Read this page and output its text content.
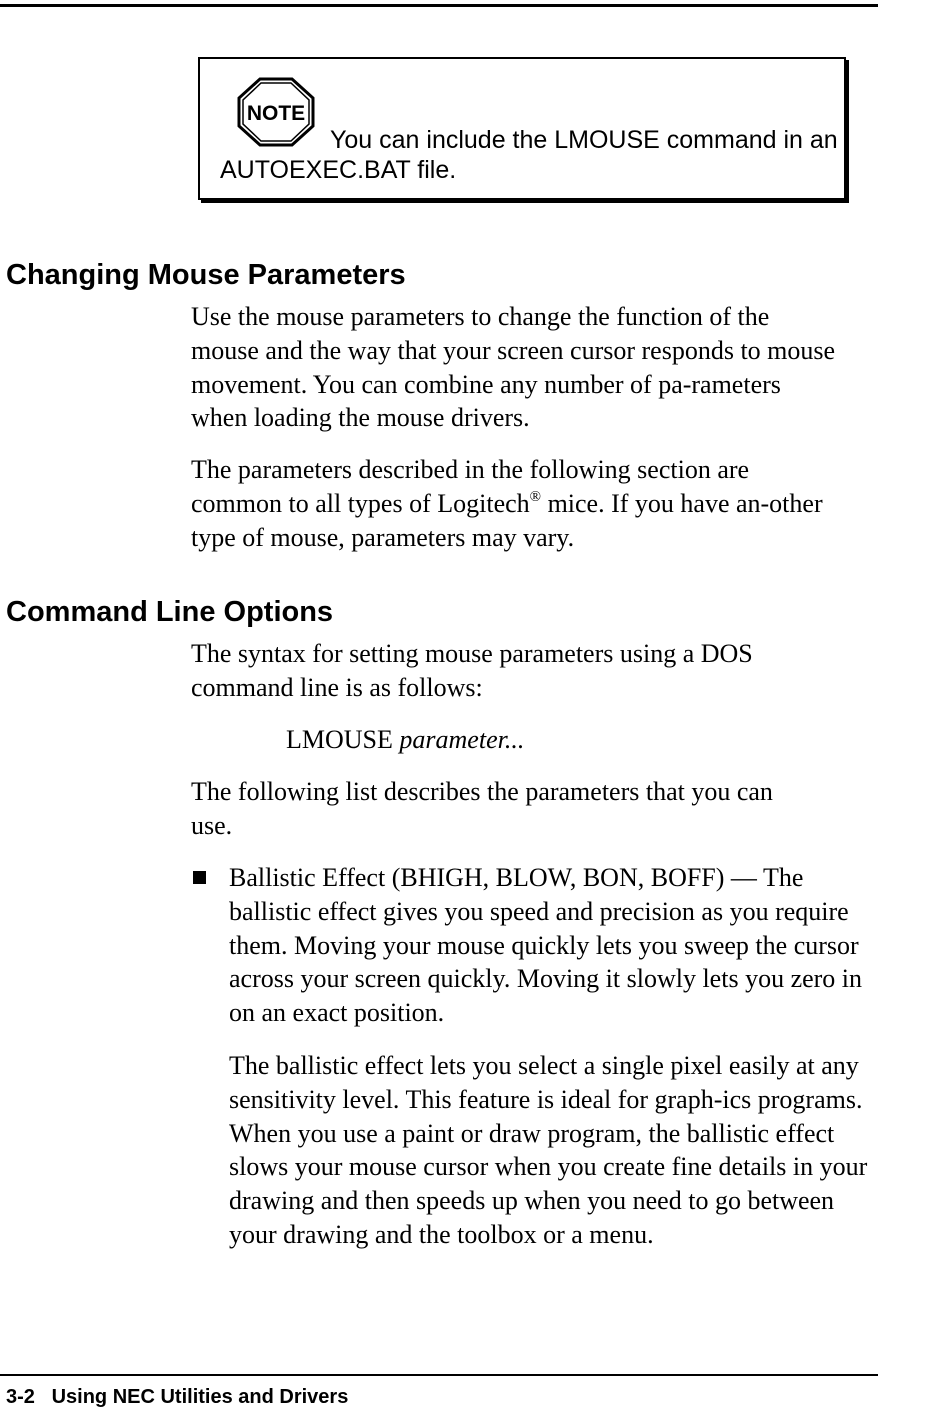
NOTE
You can include the LMOUSE command in an AUTOEXEC.BAT file.
Changing Mouse Parameters
Use the mouse parameters to change the function of the mouse and the way that your screen cursor responds to mouse movement. You can combine any number of pa-rameters when loading the mouse drivers.
The parameters described in the following section are common to all types of Logitech® mice. If you have an-other type of mouse, parameters may vary.
Command Line Options
The syntax for setting mouse parameters using a DOS command line is as follows:
LMOUSE parameter...
The following list describes the parameters that you can use.
Ballistic Effect (BHIGH, BLOW, BON, BOFF) — The ballistic effect gives you speed and precision as you require them. Moving your mouse quickly lets you sweep the cursor across your screen quickly. Moving it slowly lets you zero in on an exact position.
The ballistic effect lets you select a single pixel easily at any sensitivity level. This feature is ideal for graph-ics programs. When you use a paint or draw program, the ballistic effect slows your mouse cursor when you create fine details in your drawing and then speeds up when you need to go between your drawing and the toolbox or a menu.
3-2 Using NEC Utilities and Drivers
